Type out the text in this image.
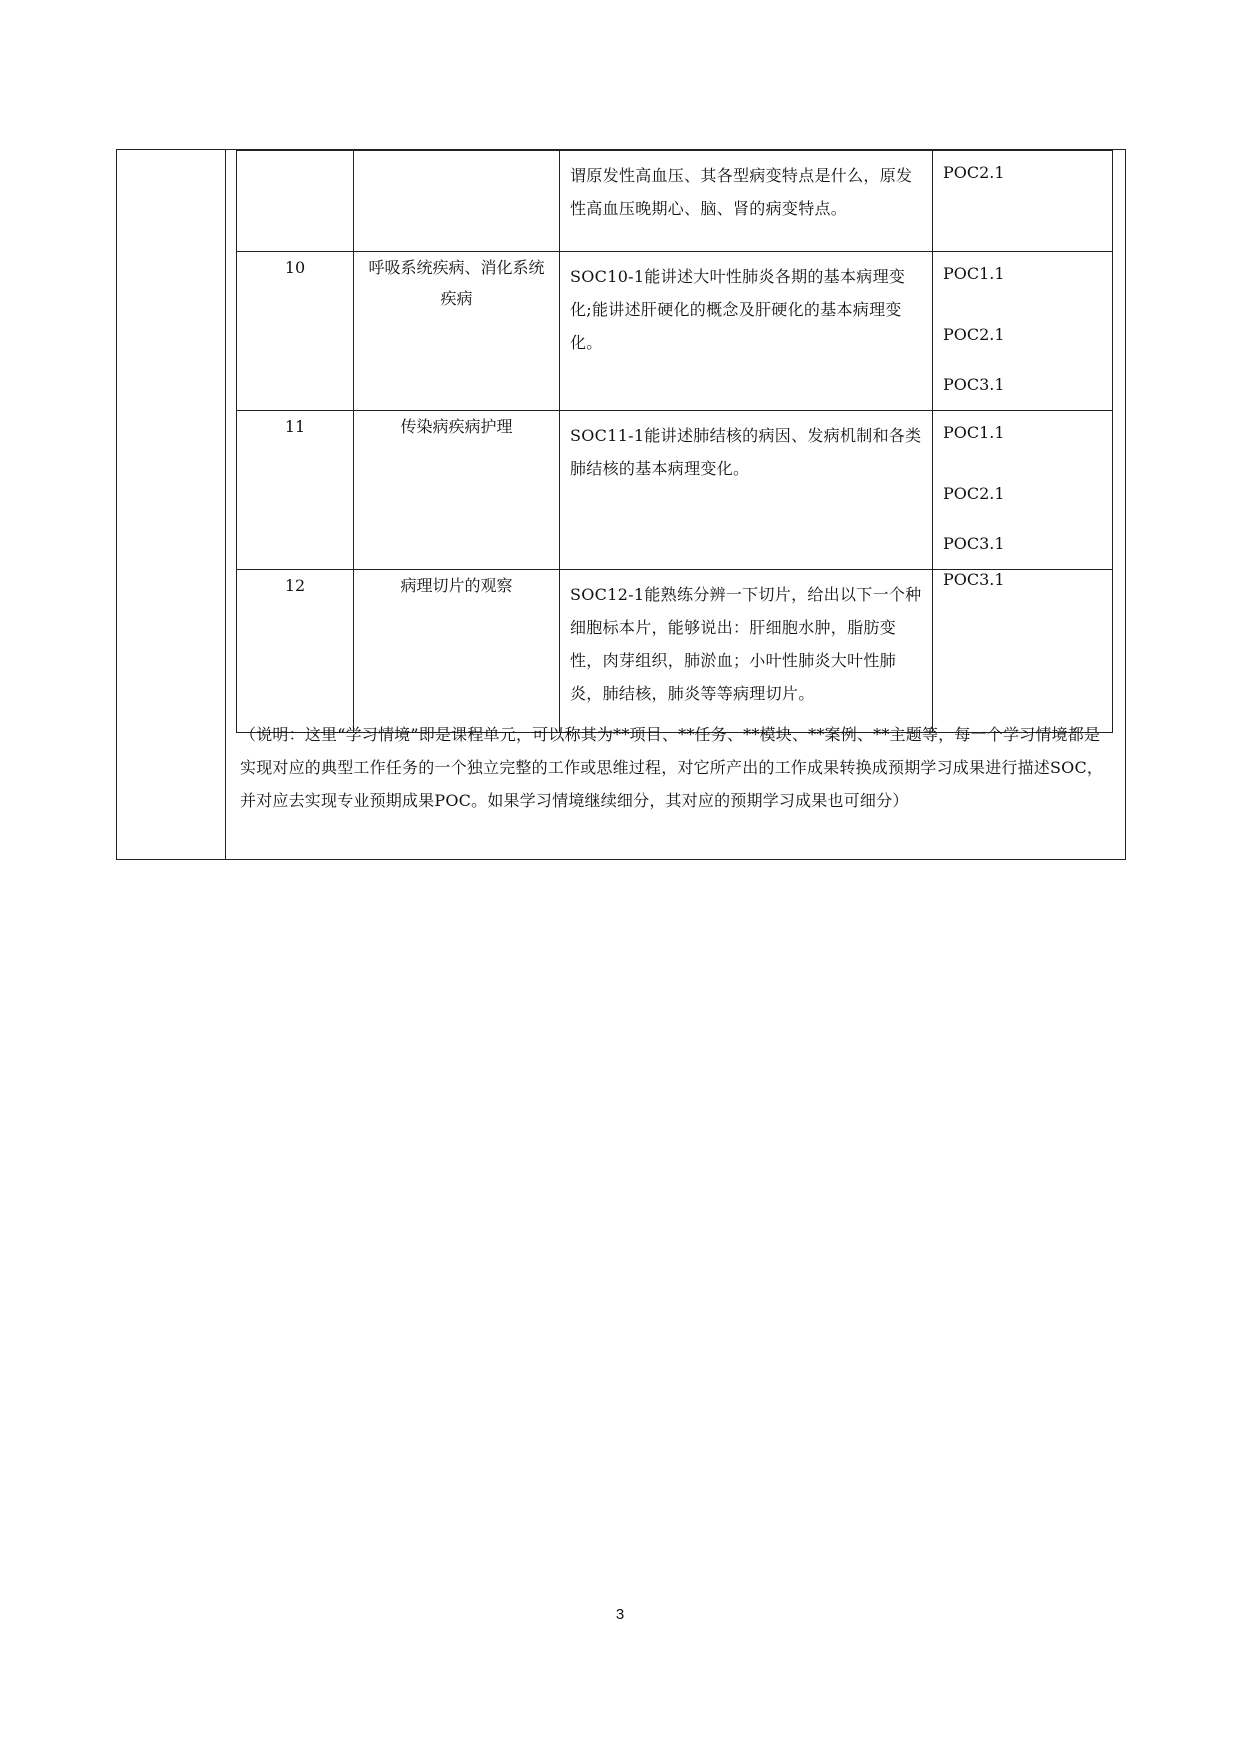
		谓原发性高血压、其各型病变特点是什么，原发性高血压晚期心、脑、肾的病变特点。	POC2.1

10	呼吸系统疾病、消化系统疾病	SOC10-1能讲述大叶性肺炎各期的基本病理变化;能讲述肝硬化的概念及肝硬化的基本病理变化。	POC1.1
POC2.1
POC3.1

11	传染病疾病护理	SOC11-1能讲述肺结核的病因、发病机制和各类肺结核的基本病理变化。	POC1.1
POC2.1
POC3.1

12	病理切片的观察	SOC12-1能熟练分辨一下切片，给出以下一个种细胞标本片，能够说出：肝细胞水肿，脂肪变性，肉芽组织，肺淤血；小叶性肺炎大叶性肺炎，肺结核，肺炎等等病理切片。	POC3.1
（说明：这里“学习情境”即是课程单元，可以称其为**项目、**任务、**模块、**案例、**主题等，每一个学习情境都是实现对应的典型工作任务的一个独立完整的工作或思维过程，对它所产出的工作成果转换成预期学习成果进行描述SOC，并对应去实现专业预期成果POC。如果学习情境继续细分，其对应的预期学习成果也可细分）
3
